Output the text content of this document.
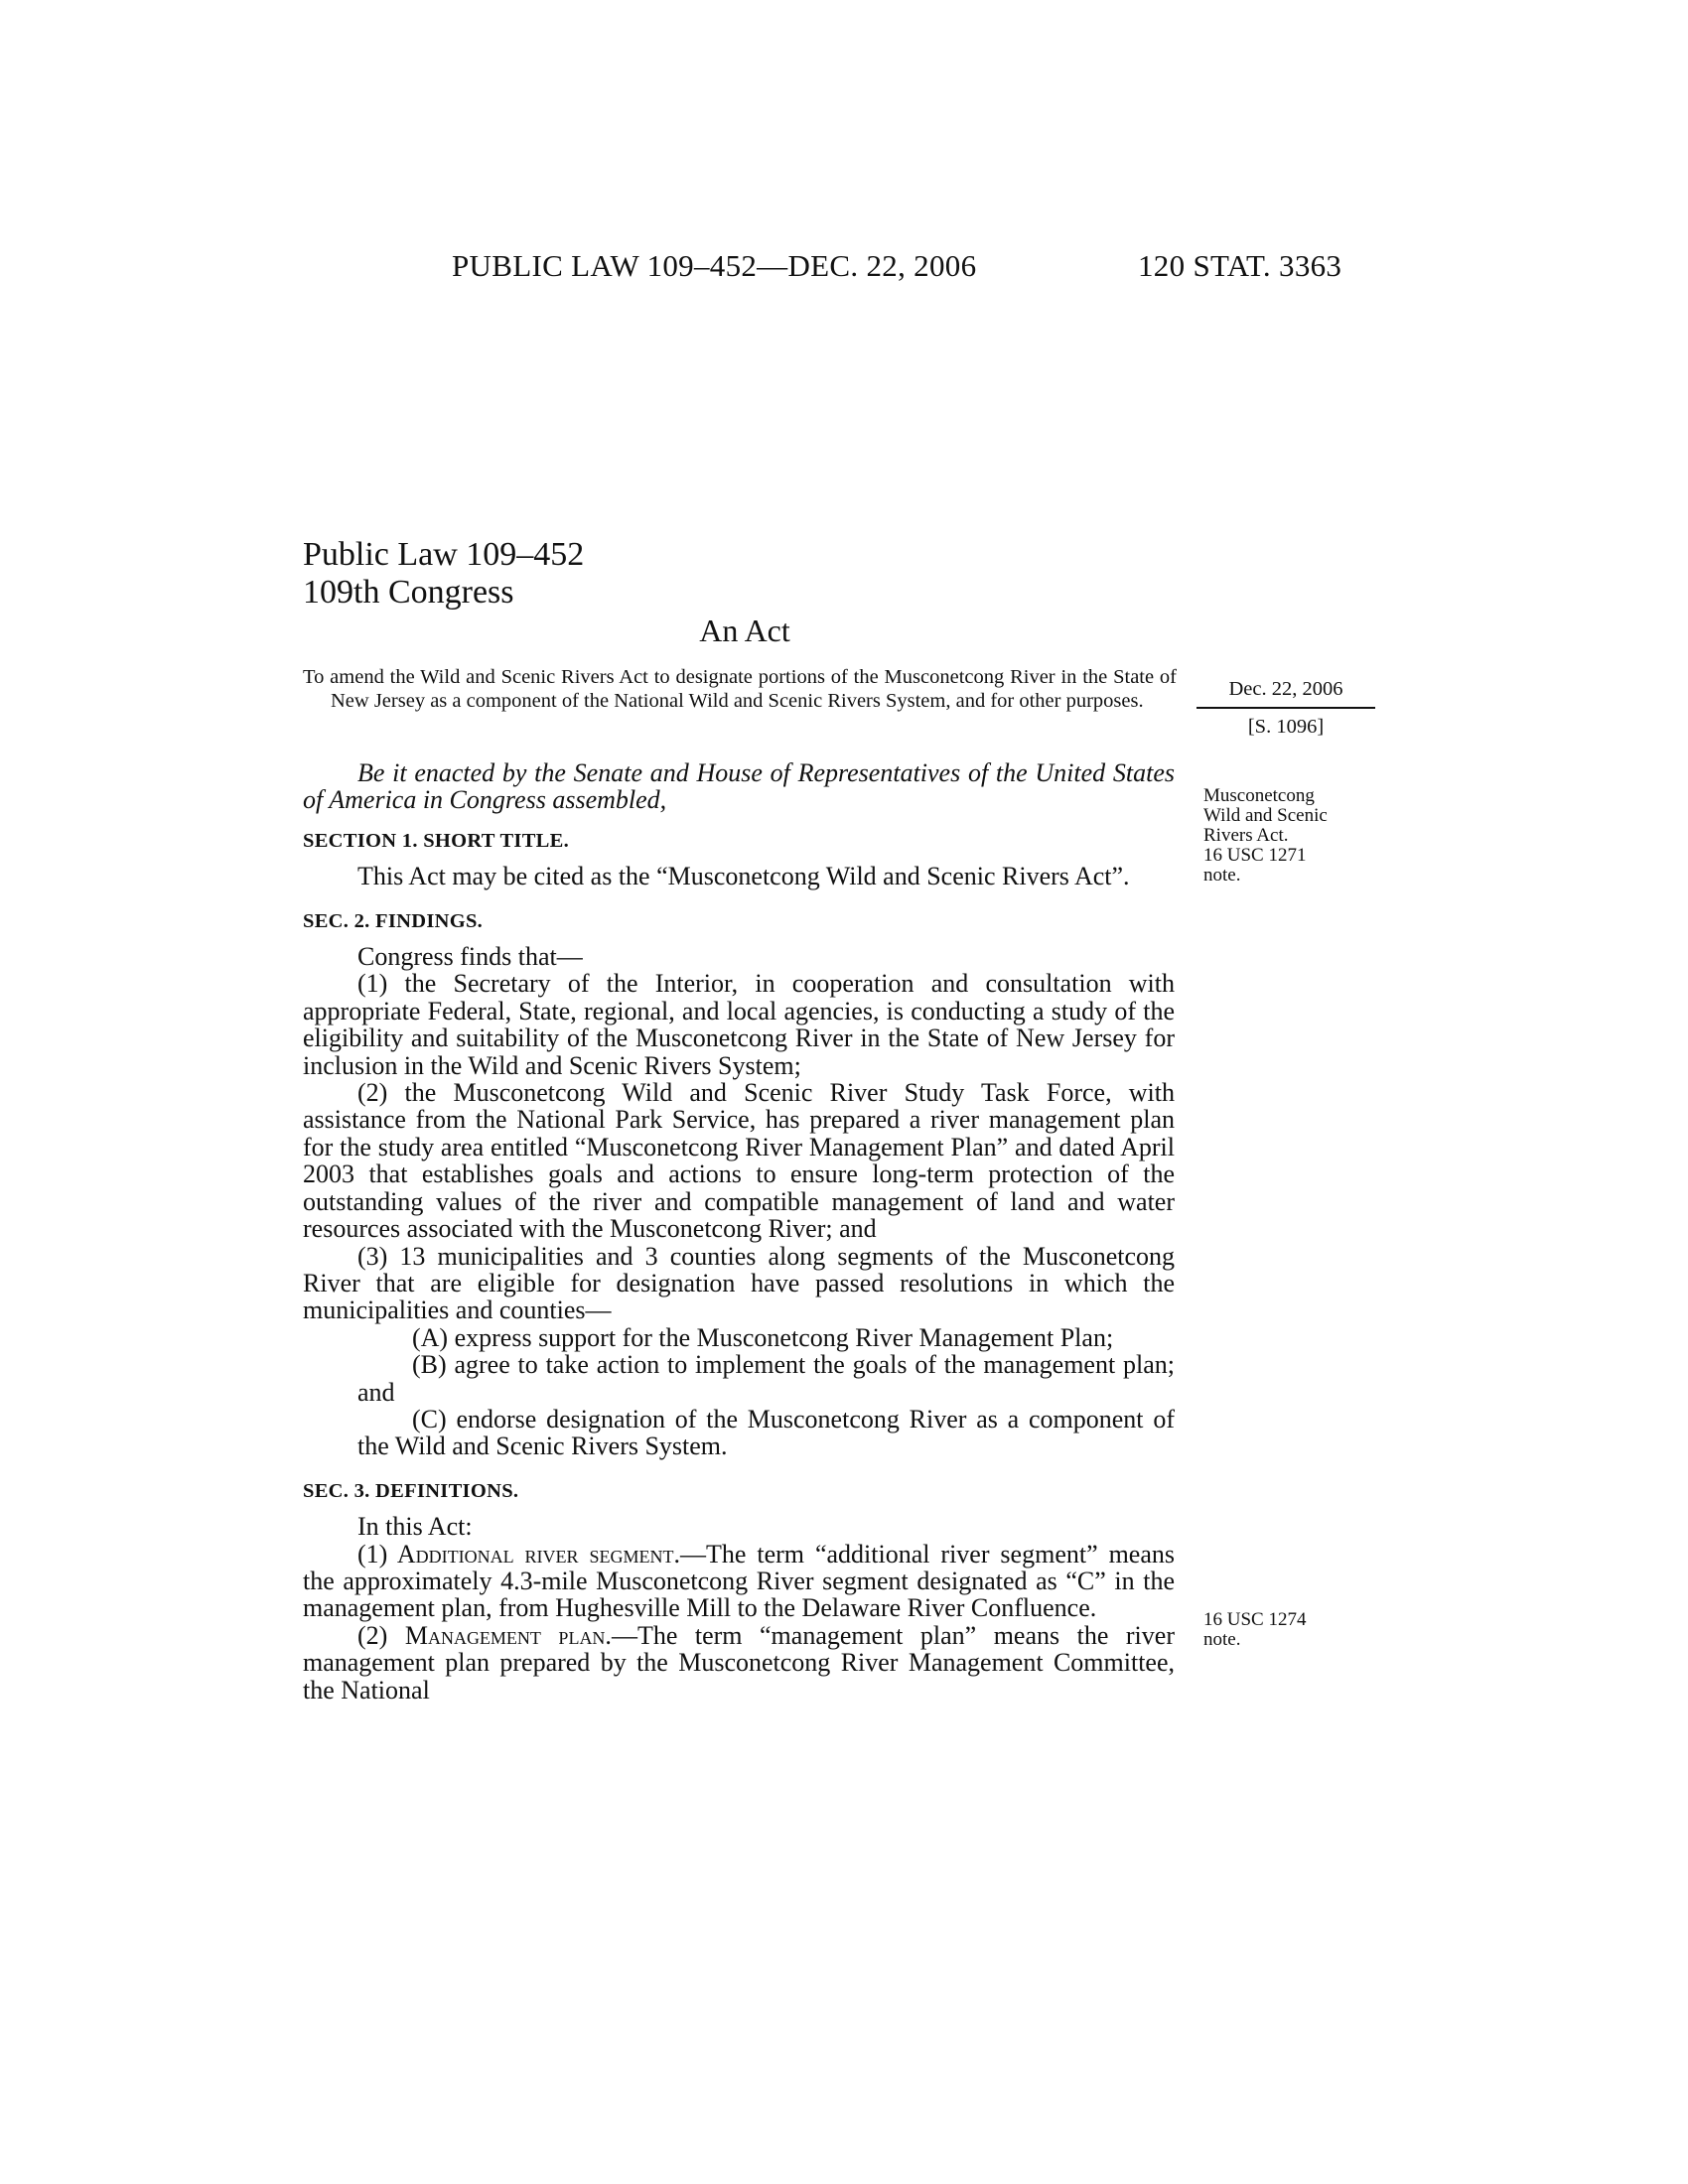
PUBLIC LAW 109–452—DEC. 22, 2006	120 STAT. 3363
Public Law 109–452
109th Congress
An Act
To amend the Wild and Scenic Rivers Act to designate portions of the Musconetcong River in the State of New Jersey as a component of the National Wild and Scenic Rivers System, and for other purposes.
Dec. 22, 2006
[S. 1096]
Musconetcong
Wild and Scenic
Rivers Act.
16 USC 1271
note.
16 USC 1274
note.

Be it enacted by the Senate and House of Representatives of the United States of America in Congress assembled,

SECTION 1. SHORT TITLE.

This Act may be cited as the “Musconetcong Wild and Scenic Rivers Act”.

SEC. 2. FINDINGS.

Congress finds that—

(1) the Secretary of the Interior, in cooperation and consultation with appropriate Federal, State, regional, and local agencies, is conducting a study of the eligibility and suitability of the Musconetcong River in the State of New Jersey for inclusion in the Wild and Scenic Rivers System;

(2) the Musconetcong Wild and Scenic River Study Task Force, with assistance from the National Park Service, has prepared a river management plan for the study area entitled “Musconetcong River Management Plan” and dated April 2003 that establishes goals and actions to ensure long-term protection of the outstanding values of the river and compatible management of land and water resources associated with the Musconetcong River; and

(3) 13 municipalities and 3 counties along segments of the Musconetcong River that are eligible for designation have passed resolutions in which the municipalities and counties—

(A) express support for the Musconetcong River Management Plan;

(B) agree to take action to implement the goals of the management plan; and

(C) endorse designation of the Musconetcong River as a component of the Wild and Scenic Rivers System.

SEC. 3. DEFINITIONS.

In this Act:

(1) Additional river segment.—The term “additional river segment” means the approximately 4.3-mile Musconetcong River segment designated as “C” in the management plan, from Hughesville Mill to the Delaware River Confluence.

(2) Management plan.—The term “management plan” means the river management plan prepared by the Musconetcong River Management Committee, the National
